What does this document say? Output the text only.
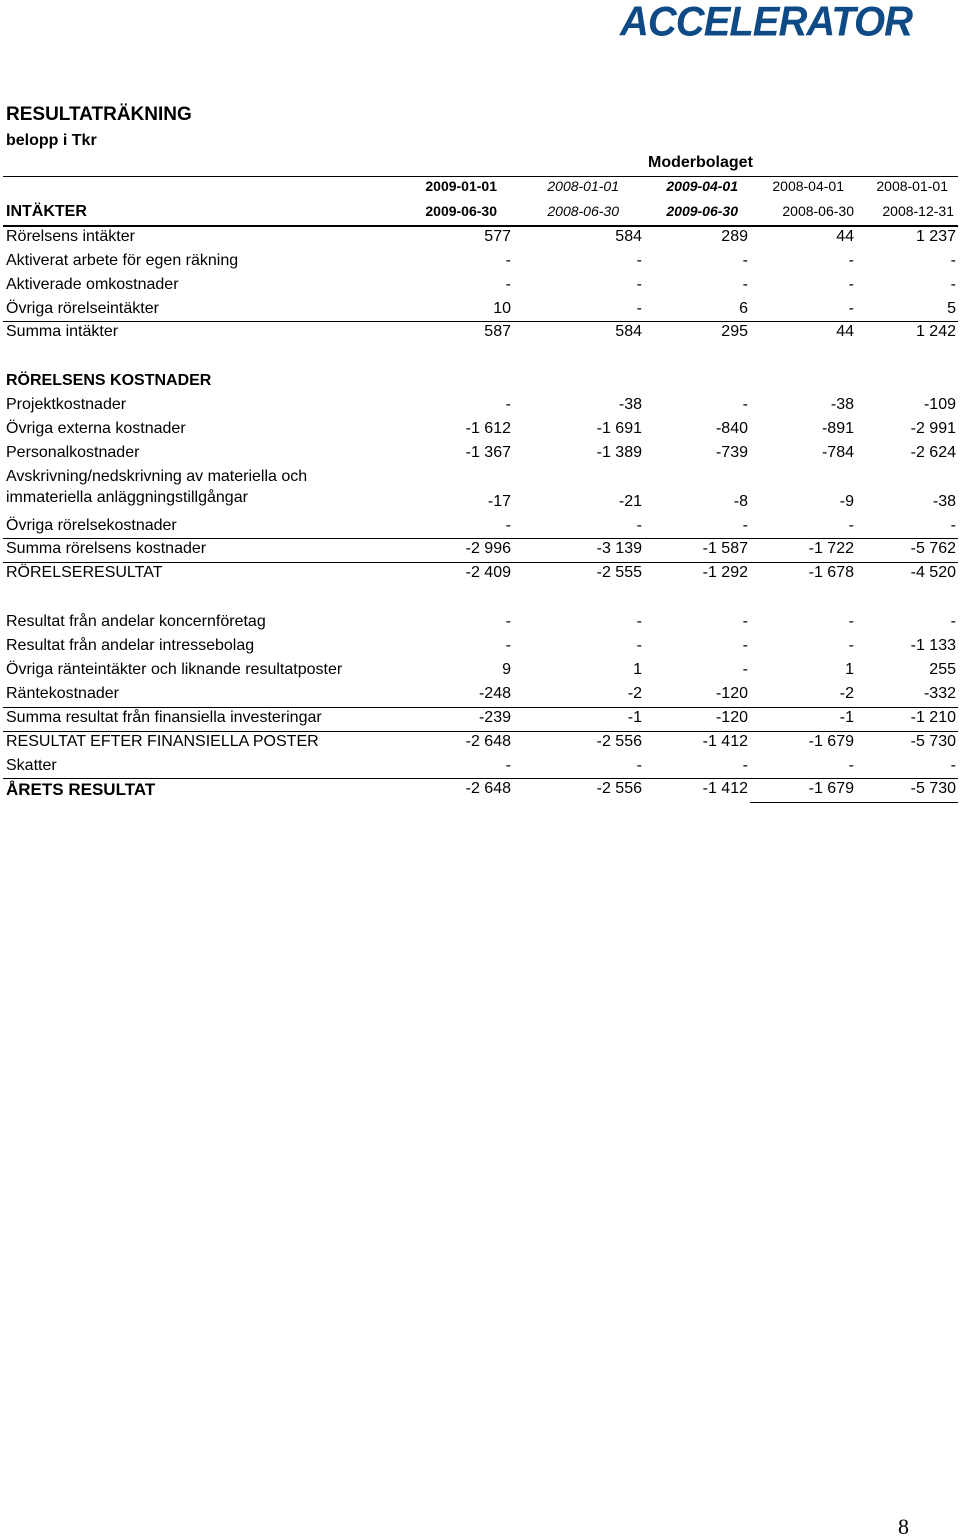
ACCELERATOR
RESULTATRÄKNING
belopp i Tkr
Moderbolaget
2009-01-01	2008-01-01	2009-04-01	2008-04-01	2008-01-01
INTÄKTER	2009-06-30	2008-06-30	2009-06-30	2008-06-30	2008-12-31
Rörelsens intäkter	577	584	289	44	1 237
Aktiverat arbete för egen räkning	-	-	-	-	-
Aktiverade omkostnader	-	-	-	-	-
Övriga rörelseintäkter	10	-	6	-	5
Summa intäkter	587	584	295	44	1 242
RÖRELSENS KOSTNADER
Projektkostnader	-	-38	-	-38	-109
Övriga externa kostnader	-1 612	-1 691	-840	-891	-2 991
Personalkostnader	-1 367	-1 389	-739	-784	-2 624
Avskrivning/nedskrivning av materiella och
immateriella anläggningstillgångar	-17	-21	-8	-9	-38
Övriga rörelsekostnader	-	-	-	-	-
Summa rörelsens kostnader	-2 996	-3 139	-1 587	-1 722	-5 762
RÖRELSERESULTAT	-2 409	-2 555	-1 292	-1 678	-4 520
Resultat från andelar koncernföretag	-	-	-	-	-
Resultat från andelar intressebolag	-	-	-	-	-1 133
Övriga ränteintäkter och liknande resultatposter	9	1	-	1	255
Räntekostnader	-248	-2	-120	-2	-332
Summa resultat från finansiella investeringar	-239	-1	-120	-1	-1 210
RESULTAT EFTER FINANSIELLA POSTER	-2 648	-2 556	-1 412	-1 679	-5 730
Skatter	-	-	-	-	-
ÅRETS RESULTAT	-2 648	-2 556	-1 412	-1 679	-5 730
8
